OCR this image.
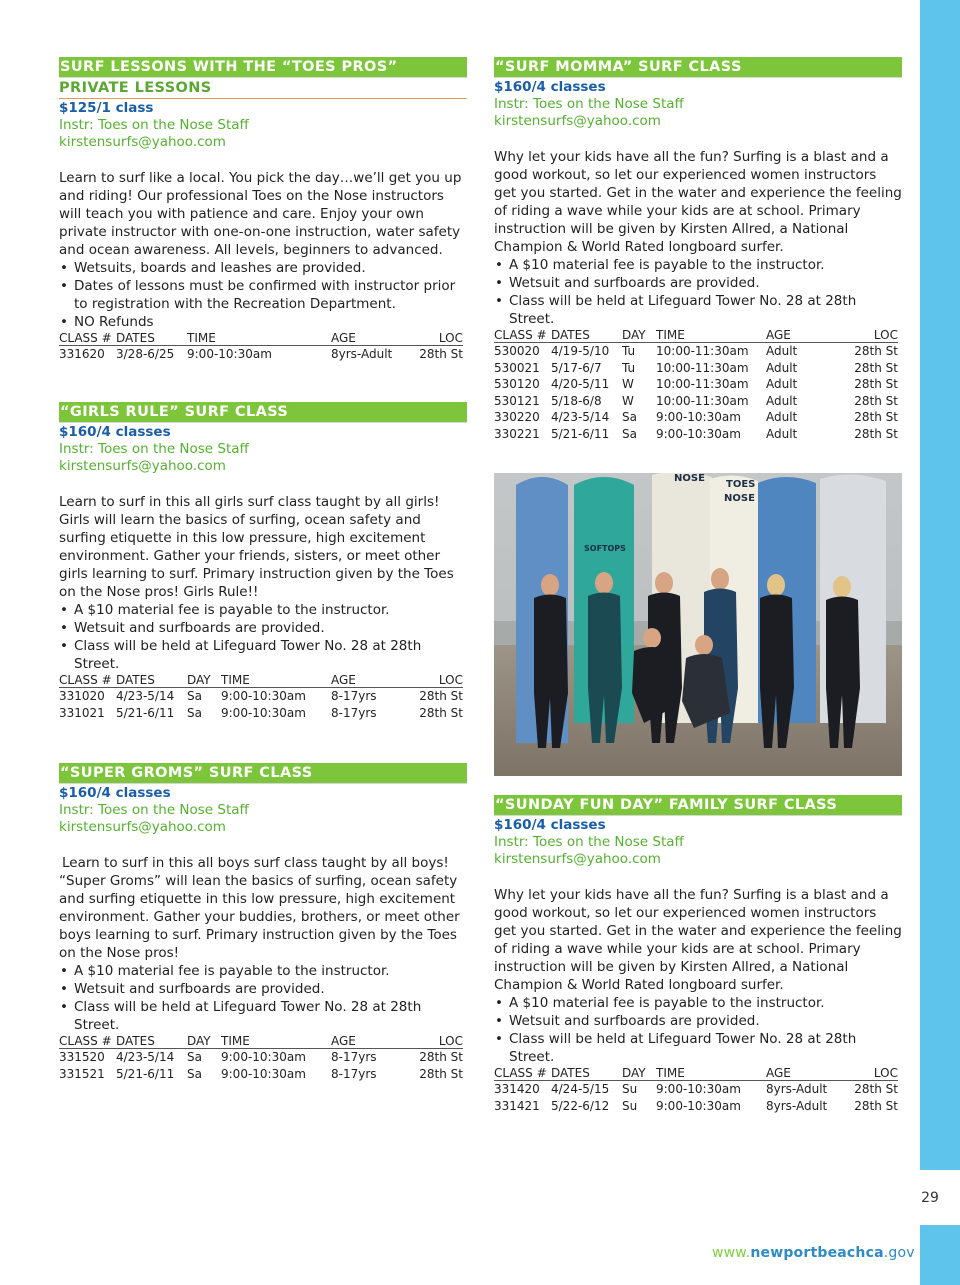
29
www.newportbeachca.gov
SURF LESSONS WITH THE “TOES PROS”
PRIVATE LESSONS
$125/1 class
Instr: Toes on the Nose Staff
kirstensurfs@yahoo.com
Learn to surf like a local. You pick the day…we’ll get you up and riding! Our professional Toes on the Nose instructors will teach you with patience and care. Enjoy your own private instructor with one-on-one instruction, water safety and ocean awareness. All levels, beginners to advanced.
• Wetsuits, boards and leashes are provided.
• Dates of lessons must be confirmed with instructor prior to registration with the Recreation Department.
• NO Refunds
CLASS #	DATES	TIME	AGE	LOC
331620	3/28-6/25	9:00-10:30am	8yrs-Adult	28th St
“GIRLS RULE” SURF CLASS
$160/4 classes
Instr: Toes on the Nose Staff
kirstensurfs@yahoo.com
Learn to surf in this all girls surf class taught by all girls! Girls will learn the basics of surfing, ocean safety and surfing etiquette in this low pressure, high excitement environment. Gather your friends, sisters, or meet other girls learning to surf. Primary instruction given by the Toes on the Nose pros! Girls Rule!!
• A $10 material fee is payable to the instructor.
• Wetsuit and surfboards are provided.
• Class will be held at Lifeguard Tower No. 28 at 28th Street.
CLASS #	DATES	DAY	TIME	AGE	LOC
331020	4/23-5/14	Sa	9:00-10:30am	8-17yrs	28th St
331021	5/21-6/11	Sa	9:00-10:30am	8-17yrs	28th St
“SUPER GROMS” SURF CLASS
$160/4 classes
Instr: Toes on the Nose Staff
kirstensurfs@yahoo.com
Learn to surf in this all boys surf class taught by all boys! “Super Groms” will lean the basics of surfing, ocean safety and surfing etiquette in this low pressure, high excitement environment. Gather your buddies, brothers, or meet other boys learning to surf. Primary instruction given by the Toes on the Nose pros!
• A $10 material fee is payable to the instructor.
• Wetsuit and surfboards are provided.
• Class will be held at Lifeguard Tower No. 28 at 28th Street.
CLASS #	DATES	DAY	TIME	AGE	LOC
331520	4/23-5/14	Sa	9:00-10:30am	8-17yrs	28th St
331521	5/21-6/11	Sa	9:00-10:30am	8-17yrs	28th St
“SURF MOMMA” SURF CLASS
$160/4 classes
Instr: Toes on the Nose Staff
kirstensurfs@yahoo.com
Why let your kids have all the fun? Surfing is a blast and a good workout, so let our experienced women instructors get you started. Get in the water and experience the feeling of riding a wave while your kids are at school. Primary instruction will be given by Kirsten Allred, a National Champion & World Rated longboard surfer.
• A $10 material fee is payable to the instructor.
• Wetsuit and surfboards are provided.
• Class will be held at Lifeguard Tower No. 28 at 28th Street.
CLASS #	DATES	DAY	TIME	AGE	LOC
530020	4/19-5/10	Tu	10:00-11:30am	Adult	28th St
530021	5/17-6/7	Tu	10:00-11:30am	Adult	28th St
530120	4/20-5/11	W	10:00-11:30am	Adult	28th St
530121	5/18-6/8	W	10:00-11:30am	Adult	28th St
330220	4/23-5/14	Sa	9:00-10:30am	Adult	28th St
330221	5/21-6/11	Sa	9:00-10:30am	Adult	28th St
NOSE
TOES
NOSE
SOFTOPS
“SUNDAY FUN DAY” FAMILY SURF CLASS
$160/4 classes
Instr: Toes on the Nose Staff
kirstensurfs@yahoo.com
Why let your kids have all the fun? Surfing is a blast and a good workout, so let our experienced women instructors get you started. Get in the water and experience the feeling of riding a wave while your kids are at school. Primary instruction will be given by Kirsten Allred, a National Champion & World Rated longboard surfer.
• A $10 material fee is payable to the instructor.
• Wetsuit and surfboards are provided.
• Class will be held at Lifeguard Tower No. 28 at 28th Street.
CLASS #	DATES	DAY	TIME	AGE	LOC
331420	4/24-5/15	Su	9:00-10:30am	8yrs-Adult	28th St
331421	5/22-6/12	Su	9:00-10:30am	8yrs-Adult	28th St
